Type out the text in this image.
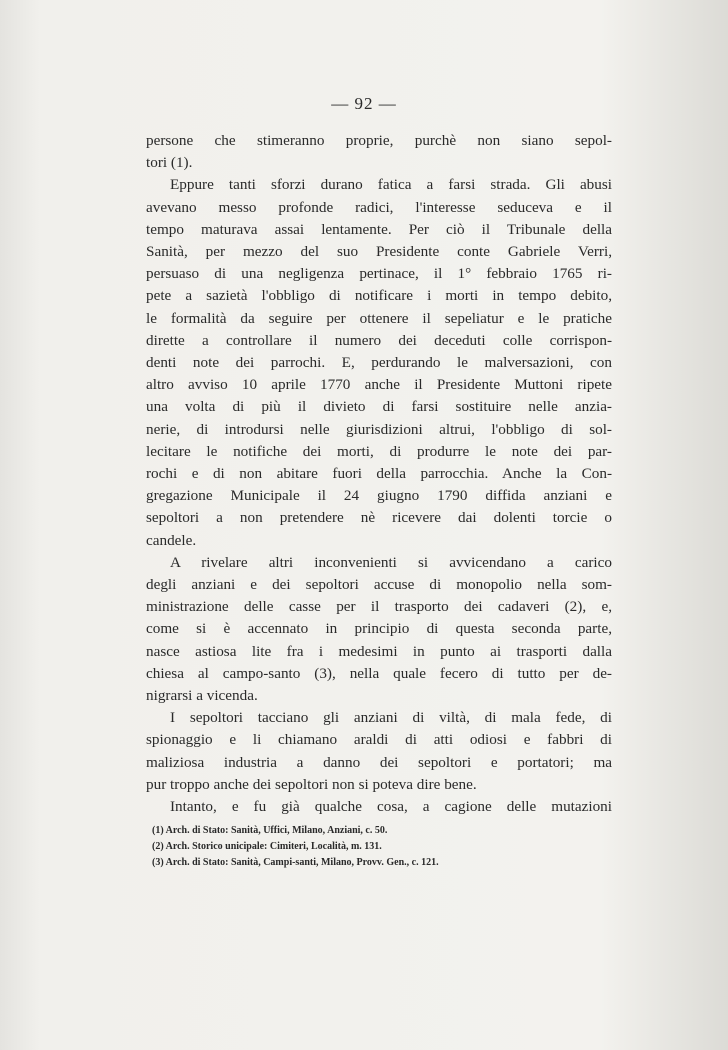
— 92 —
persone che stimeranno proprie, purchè non siano sepol-
tori (1).
Eppure tanti sforzi durano fatica a farsi strada. Gli abusi
avevano messo profonde radici, l'interesse seduceva e il
tempo maturava assai lentamente. Per ciò il Tribunale della
Sanità, per mezzo del suo Presidente conte Gabriele Verri,
persuaso di una negligenza pertinace, il 1° febbraio 1765 ri-
pete a sazietà l'obbligo di notificare i morti in tempo debito,
le formalità da seguire per ottenere il sepeliatur e le pratiche
dirette a controllare il numero dei deceduti colle corrispon-
denti note dei parrochi. E, perdurando le malversazioni, con
altro avviso 10 aprile 1770 anche il Presidente Muttoni ripete
una volta di più il divieto di farsi sostituire nelle anzia-
nerie, di introdursi nelle giurisdizioni altrui, l'obbligo di sol-
lecitare le notifiche dei morti, di produrre le note dei par-
rochi e di non abitare fuori della parrocchia. Anche la Con-
gregazione Municipale il 24 giugno 1790 diffida anziani e
sepoltori a non pretendere nè ricevere dai dolenti torcie o
candele.
A rivelare altri inconvenienti si avvicendano a carico
degli anziani e dei sepoltori accuse di monopolio nella som-
ministrazione delle casse per il trasporto dei cadaveri (2), e,
come si è accennato in principio di questa seconda parte,
nasce astiosa lite fra i medesimi in punto ai trasporti dalla
chiesa al campo-santo (3), nella quale fecero di tutto per de-
nigrarsi a vicenda.
I sepoltori tacciano gli anziani di viltà, di mala fede, di
spionaggio e li chiamano araldi di atti odiosi e fabbri di
maliziosa industria a danno dei sepoltori e portatori; ma
pur troppo anche dei sepoltori non si poteva dire bene.
Intanto, e fu già qualche cosa, a cagione delle mutazioni
(1) Arch. di Stato: Sanità, Uffici, Milano, Anziani, c. 50.
(2) Arch. Storico unicipale: Cimiteri, Località, m. 131.
(3) Arch. di Stato: Sanità, Campi-santi, Milano, Provv. Gen., c. 121.
